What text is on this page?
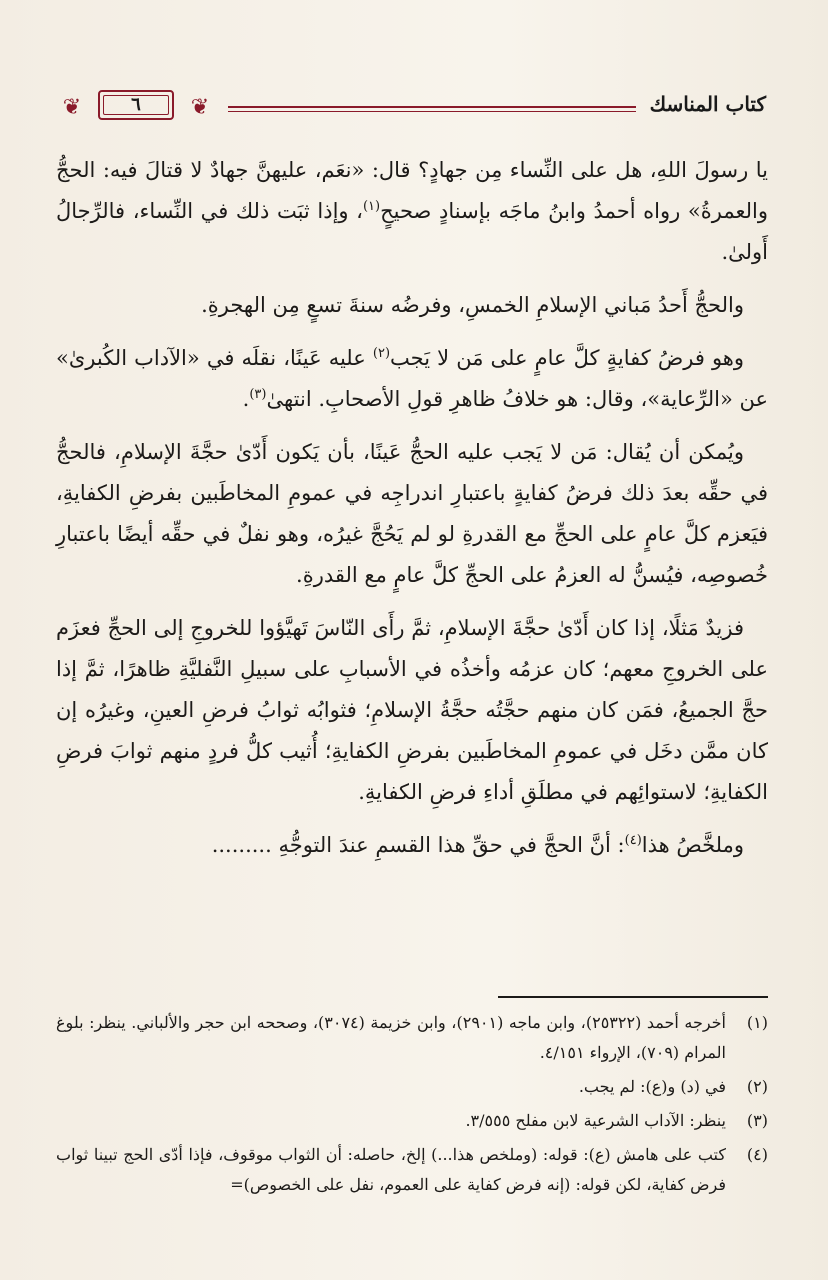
كتاب المناسك
❦
٦
❦

يا رسولَ اللهِ، هل على النِّساء مِن جهادٍ؟ قال: «نعَم، عليهنَّ جهادٌ لا قتالَ فيه: الحجُّ والعمرةُ» رواه أحمدُ وابنُ ماجَه بإسنادٍ صحيحٍ$^{(١)}$، وإذا ثبَت ذلك في النِّساء، فالرِّجالُ أَولىٰ.

والحجُّ أَحدُ مَباني الإسلامِ الخمسِ، وفرضُه سنةَ تسعٍ مِن الهجرةِ.

وهو فرضُ كفايةٍ كلَّ عامٍ على مَن لا يَجب$^{(٢)}$ عليه عَينًا، نقلَه في «الآداب الكُبرىٰ» عن «الرِّعاية»، وقال: هو خلافُ ظاهرِ قولِ الأصحابِ. انتهىٰ$^{(٣)}$.

ويُمكن أن يُقال: مَن لا يَجب عليه الحجُّ عَينًا، بأن يَكون أَدّىٰ حجَّةَ الإسلامِ، فالحجُّ في حقِّه بعدَ ذلك فرضُ كفايةٍ باعتبارِ اندراجِه في عمومِ المخاطَبين بفرضِ الكفايةِ، فيَعزم كلَّ عامٍ على الحجِّ مع القدرةِ لو لم يَحُجَّ غيرُه، وهو نفلٌ في حقِّه أيضًا باعتبارِ خُصوصِه، فيُسنُّ له العزمُ على الحجِّ كلَّ عامٍ مع القدرةِ.

فزيدٌ مَثلًا، إذا كان أَدّىٰ حجَّةَ الإسلامِ، ثمَّ رأَى النّاسَ تَهيَّؤوا للخروجِ إلى الحجِّ فعزَم على الخروجِ معهم؛ كان عزمُه وأخذُه في الأسبابِ على سبيلِ النَّفليَّةِ ظاهرًا، ثمَّ إذا حجَّ الجميعُ، فمَن كان منهم حجَّتُه حجَّةُ الإسلامِ؛ فثوابُه ثوابُ فرضِ العينِ، وغيرُه إن كان ممَّن دخَل في عمومِ المخاطَبين بفرضِ الكفايةِ؛ أُثيب كلُّ فردٍ منهم ثوابَ فرضِ الكفايةِ؛ لاستوائِهم في مطلَقِ أداءِ فرضِ الكفايةِ.

وملخَّصُ هذا$^{(٤)}$: أنَّ الحجَّ في حقِّ هذا القسمِ عندَ التوجُّهِ .........

(١)
أخرجه أحمد (٢٥٣٢٢)، وابن ماجه (٢٩٠١)، وابن خزيمة (٣٠٧٤)، وصححه ابن حجر والألباني. ينظر: بلوغ المرام (٧٠٩)، الإرواء ٤/١٥١.
(٢)
في (د) و(ع): لم يجب.
(٣)
ينظر: الآداب الشرعية لابن مفلح ٣/٥٥٥.
(٤)
كتب على هامش (ع): قوله: (وملخص هذا...) إلخ، حاصله: أن الثواب موقوف، فإذا أدّى الحج تبينا ثواب فرض كفاية، لكن قوله: (إنه فرض كفاية على العموم، نفل على الخصوص)=
